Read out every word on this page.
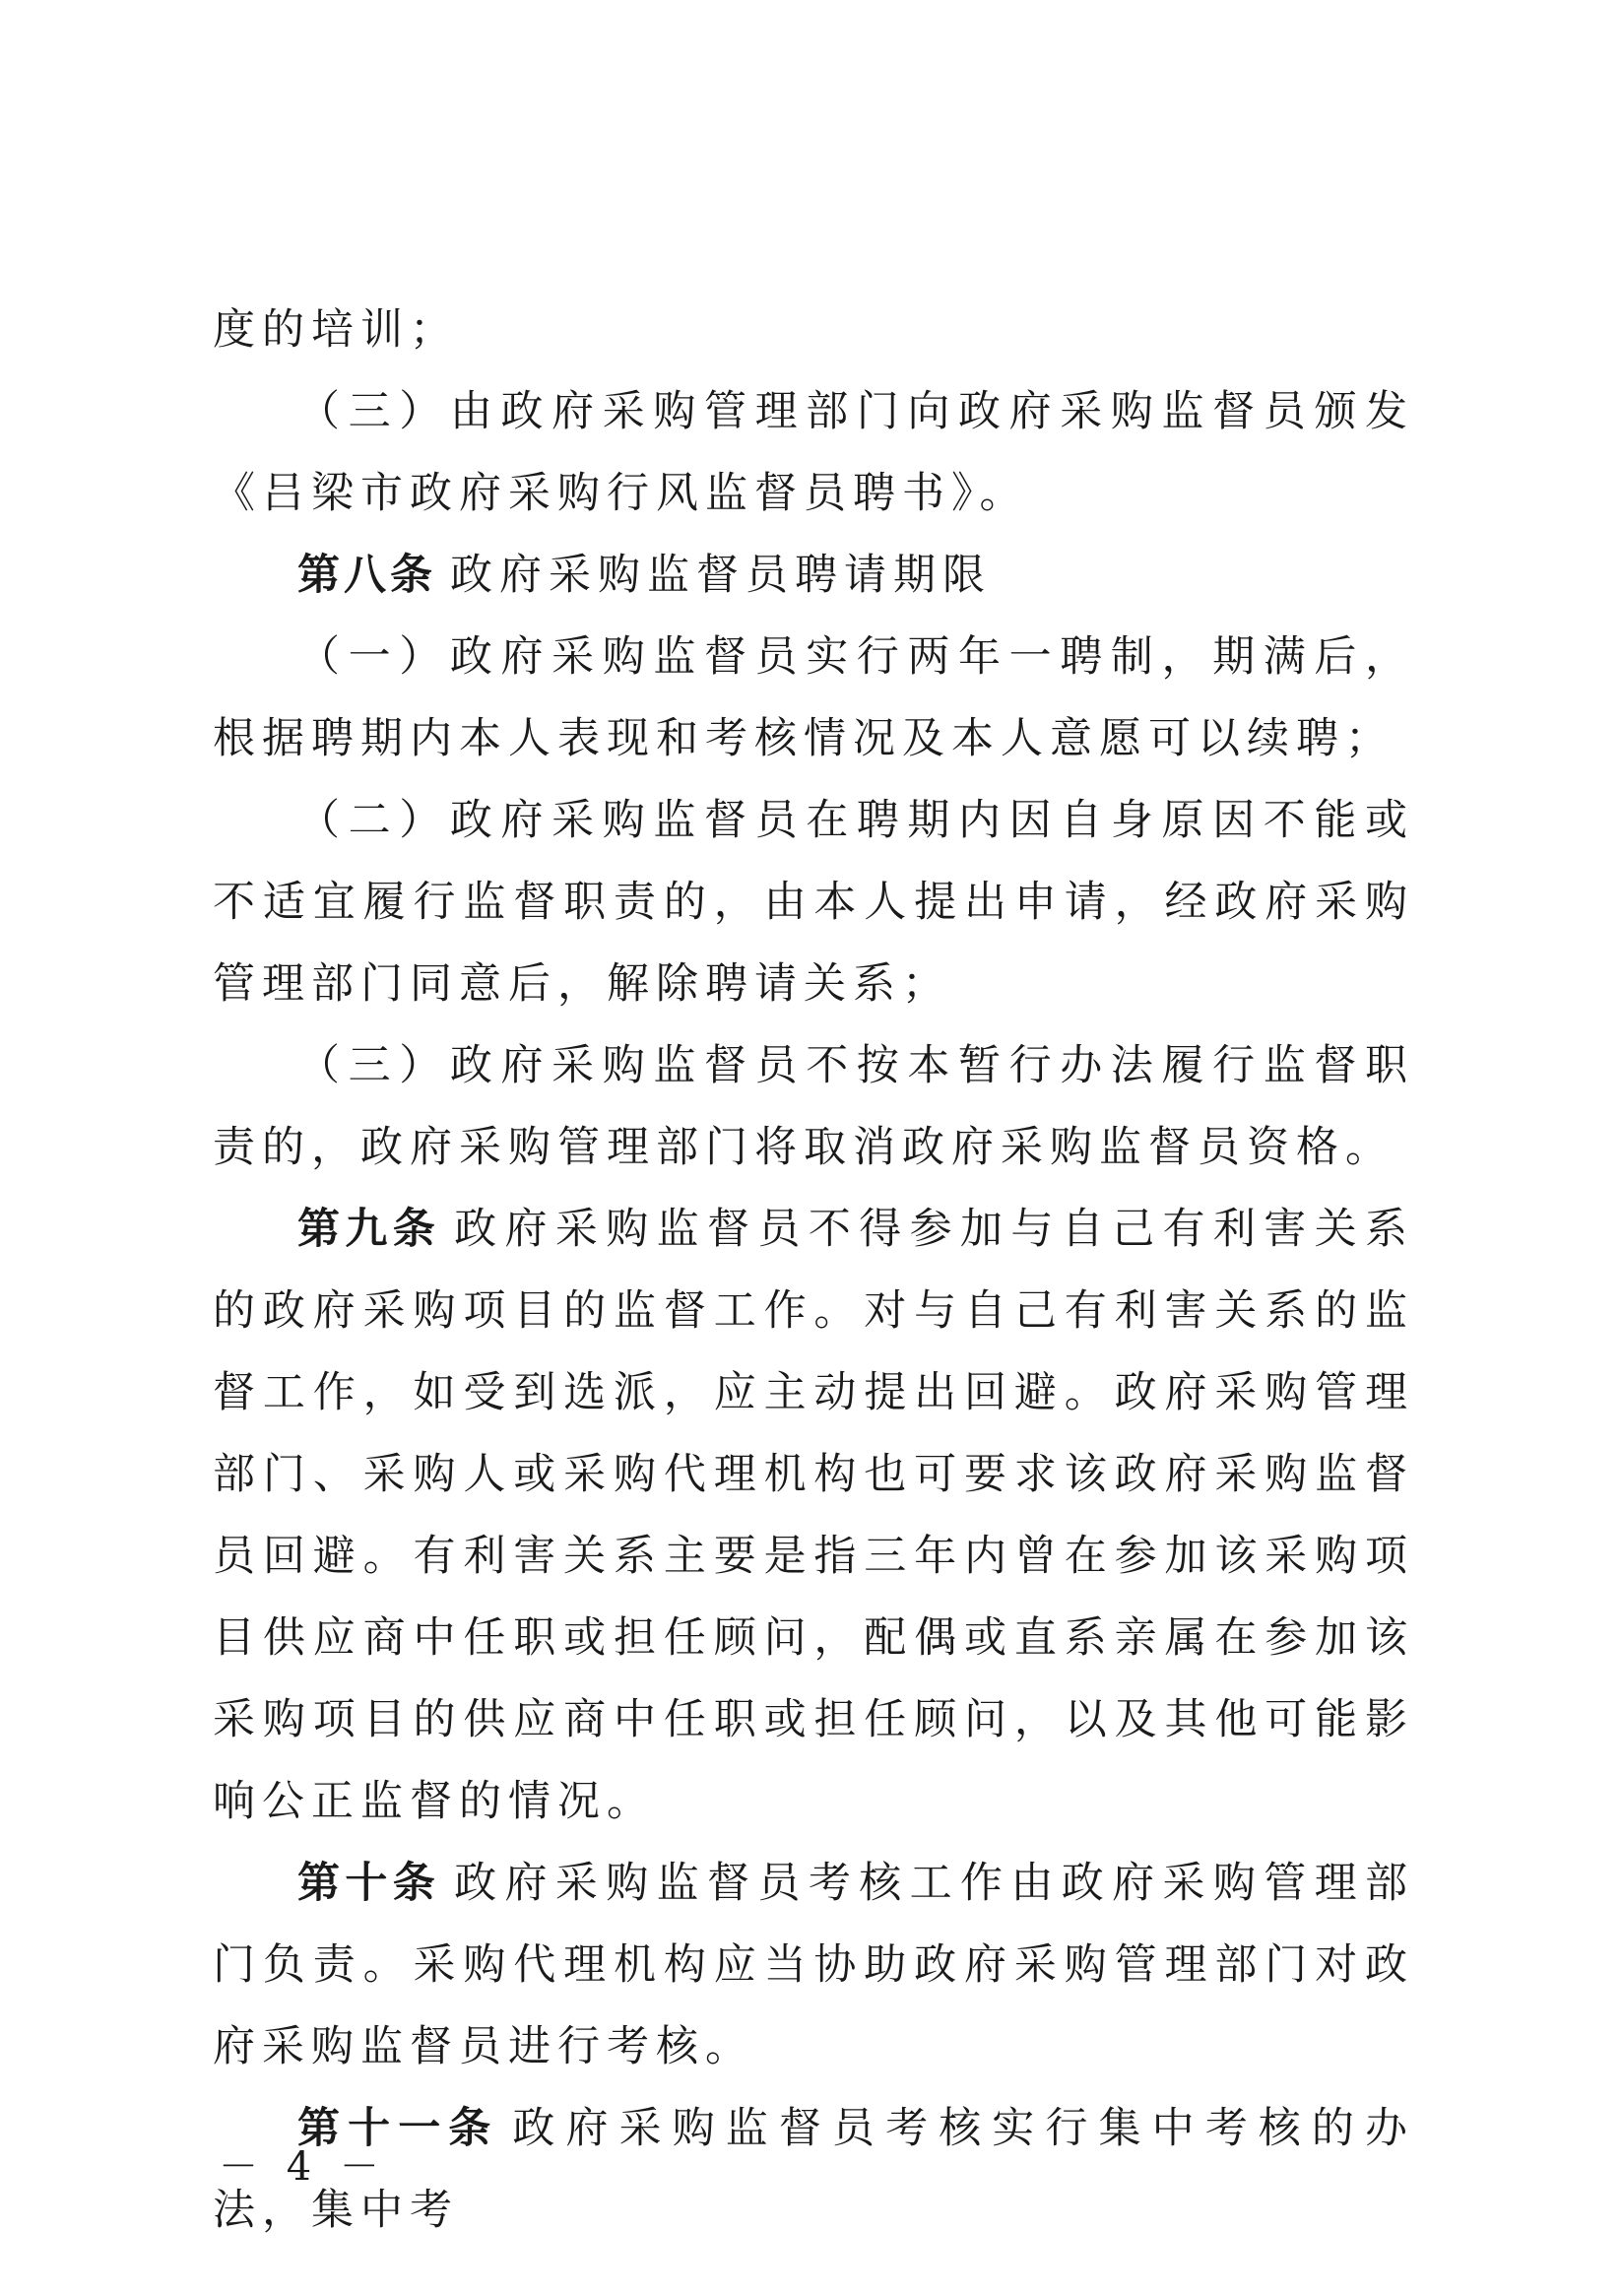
度的培训；

（三）由政府采购管理部门向政府采购监督员颁发《吕梁市政府采购行风监督员聘书》。

第八条 政府采购监督员聘请期限

（一）政府采购监督员实行两年一聘制，期满后，根据聘期内本人表现和考核情况及本人意愿可以续聘；

（二）政府采购监督员在聘期内因自身原因不能或不适宜履行监督职责的，由本人提出申请，经政府采购管理部门同意后，解除聘请关系；

（三）政府采购监督员不按本暂行办法履行监督职责的，政府采购管理部门将取消政府采购监督员资格。

第九条 政府采购监督员不得参加与自己有利害关系的政府采购项目的监督工作。对与自己有利害关系的监督工作，如受到选派，应主动提出回避。政府采购管理部门、采购人或采购代理机构也可要求该政府采购监督员回避。有利害关系主要是指三年内曾在参加该采购项目供应商中任职或担任顾问，配偶或直系亲属在参加该采购项目的供应商中任职或担任顾问，以及其他可能影响公正监督的情况。

第十条 政府采购监督员考核工作由政府采购管理部门负责。采购代理机构应当协助政府采购管理部门对政府采购监督员进行考核。

第十一条 政府采购监督员考核实行集中考核的办法，集中考

－ 4 －
